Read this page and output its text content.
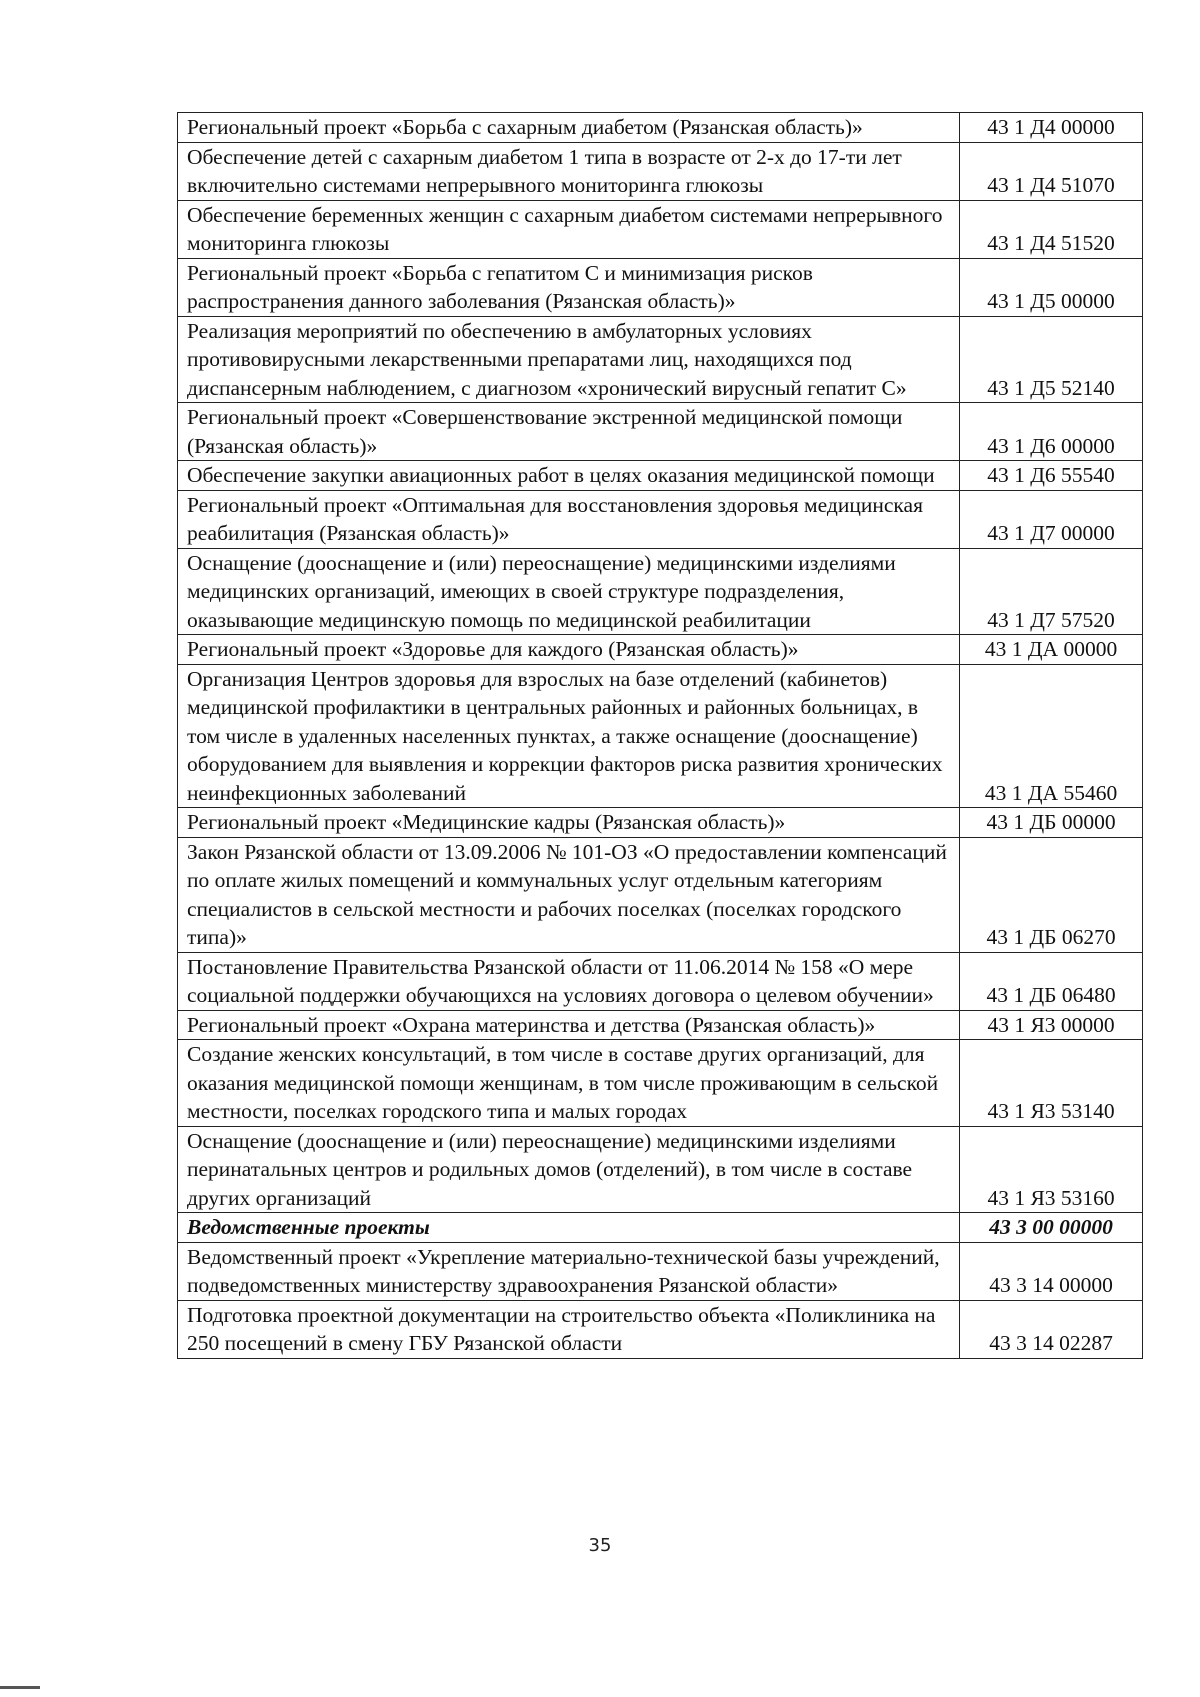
Региональный проект «Борьба с сахарным диабетом (Рязанская область)»	43 1 Д4 00000
Обеспечение детей с сахарным диабетом 1 типа в возрасте от 2-х до 17-ти лет включительно системами непрерывного мониторинга глюкозы	43 1 Д4 51070
Обеспечение беременных женщин с сахарным диабетом системами непрерывного мониторинга глюкозы	43 1 Д4 51520
Региональный проект «Борьба с гепатитом С и минимизация рисков распространения данного заболевания (Рязанская область)»	43 1 Д5 00000
Реализация мероприятий по обеспечению в амбулаторных условиях противовирусными лекарственными препаратами лиц, находящихся под диспансерным наблюдением, с диагнозом «хронический вирусный гепатит С»	43 1 Д5 52140
Региональный проект «Совершенствование экстренной медицинской помощи (Рязанская область)»	43 1 Д6 00000
Обеспечение закупки авиационных работ в целях оказания медицинской помощи	43 1 Д6 55540
Региональный проект «Оптимальная для восстановления здоровья медицинская реабилитация (Рязанская область)»	43 1 Д7 00000
Оснащение (дооснащение и (или) переоснащение) медицинскими изделиями медицинских организаций, имеющих в своей структуре подразделения, оказывающие медицинскую помощь по медицинской реабилитации	43 1 Д7 57520
Региональный проект «Здоровье для каждого (Рязанская область)»	43 1 ДА 00000
Организация Центров здоровья для взрослых на базе отделений (кабинетов) медицинской профилактики в центральных районных и районных больницах, в том числе в удаленных населенных пунктах, а также оснащение (дооснащение) оборудованием для выявления и коррекции факторов риска развития хронических неинфекционных заболеваний	43 1 ДА 55460
Региональный проект «Медицинские кадры (Рязанская область)»	43 1 ДБ 00000
Закон Рязанской области от 13.09.2006 № 101-ОЗ «О предоставлении компенсаций по оплате жилых помещений и коммунальных услуг отдельным категориям специалистов в сельской местности и рабочих поселках (поселках городского типа)»	43 1 ДБ 06270
Постановление Правительства Рязанской области от 11.06.2014 № 158 «О мере социальной поддержки обучающихся на условиях договора о целевом обучении»	43 1 ДБ 06480
Региональный проект «Охрана материнства и детства (Рязанская область)»	43 1 Я3 00000
Создание женских консультаций, в том числе в составе других организаций, для оказания медицинской помощи женщинам, в том числе проживающим в сельской местности, поселках городского типа и малых городах	43 1 Я3 53140
Оснащение (дооснащение и (или) переоснащение) медицинскими изделиями перинатальных центров и родильных домов (отделений), в том числе в составе других организаций	43 1 Я3 53160
Ведомственные проекты	43 3 00 00000
Ведомственный проект «Укрепление материально-технической базы учреждений, подведомственных министерству здравоохранения Рязанской области»	43 3 14 00000
Подготовка проектной документации на строительство объекта «Поликлиника на 250 посещений в смену ГБУ Рязанской области	43 3 14 02287
35
